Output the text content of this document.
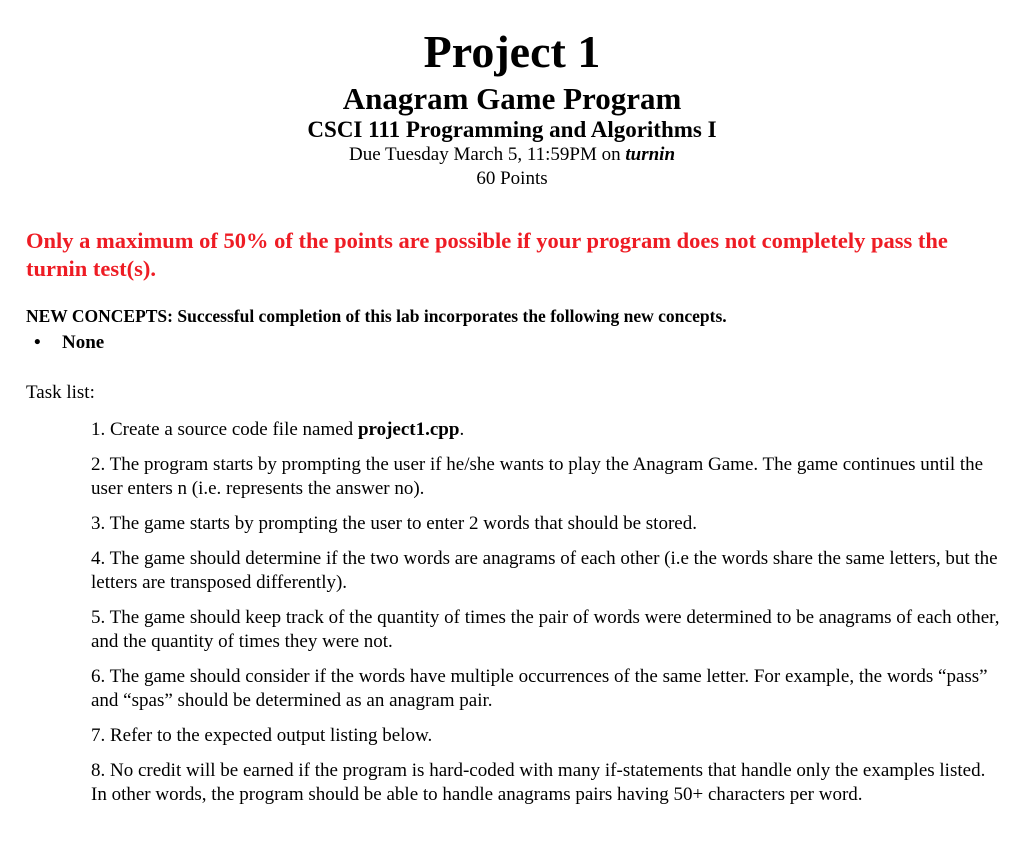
Project 1
Anagram Game Program
CSCI 111 Programming and Algorithms I
Due Tuesday March 5, 11:59PM on turnin
60 Points
Only a maximum of 50% of the points are possible if your program does not completely pass the turnin test(s).
NEW CONCEPTS: Successful completion of this lab incorporates the following new concepts.
• None
Task list:
1. Create a source code file named project1.cpp.
2. The program starts by prompting the user if he/she wants to play the Anagram Game. The game continues until the user enters n (i.e. represents the answer no).
3. The game starts by prompting the user to enter 2 words that should be stored.
4. The game should determine if the two words are anagrams of each other (i.e the words share the same letters, but the letters are transposed differently).
5. The game should keep track of the quantity of times the pair of words were determined to be anagrams of each other, and the quantity of times they were not.
6. The game should consider if the words have multiple occurrences of the same letter. For example, the words “pass” and “spas” should be determined as an anagram pair.
7. Refer to the expected output listing below.
8. No credit will be earned if the program is hard-coded with many if-statements that handle only the examples listed. In other words, the program should be able to handle anagrams pairs having 50+ characters per word.
